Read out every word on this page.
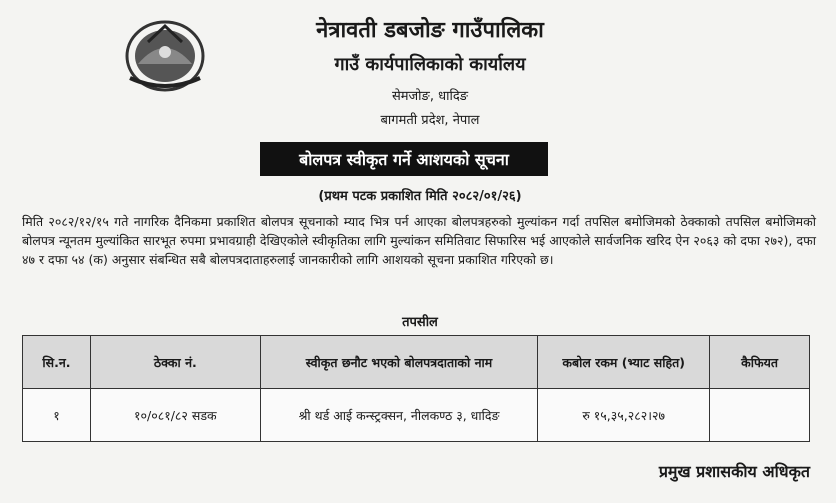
नेत्रावती डबजोङ गाउँपालिका
गाउँ कार्यपालिकाको कार्यालय
सेमजोङ, धादिङ
बागमती प्रदेश, नेपाल
बोलपत्र स्वीकृत गर्ने आशयको सूचना
(प्रथम पटक प्रकाशित मिति २०८२/०१/२६)
मिति २०८२/१२/१५ गते नागरिक दैनिकमा प्रकाशित बोलपत्र सूचनाको म्याद भित्र पर्न आएका बोलपत्रहरुको मुल्यांकन गर्दा तपसिल बमोजिमको ठेक्काको तपसिल बमोजिमको बोलपत्र न्यूनतम मुल्यांकित सारभूत रुपमा प्रभावग्राही देखिएकोले स्वीकृतिका लागि मुल्यांकन समितिवाट सिफारिस भई आएकोले सार्वजनिक खरिद ऐन २०६३ को दफा २७२), दफा ४७ र दफा ५४ (क) अनुसार संबन्धित सबै बोलपत्रदाताहरुलाई जानकारीको लागि आशयको सूचना प्रकाशित गरिएको छ।
तपसील
सि.न.	ठेक्का नं.	स्वीकृत छनौट भएको बोलपत्रदाताको नाम	कबोल रकम (भ्याट सहित)	कैफियत
१	१०/०८१/८२ सडक	श्री थर्ड आई कन्स्ट्रक्सन, नीलकण्ठ ३, धादिङ	रु १५,३५,२८२।२७	
प्रमुख प्रशासकीय अधिकृत
